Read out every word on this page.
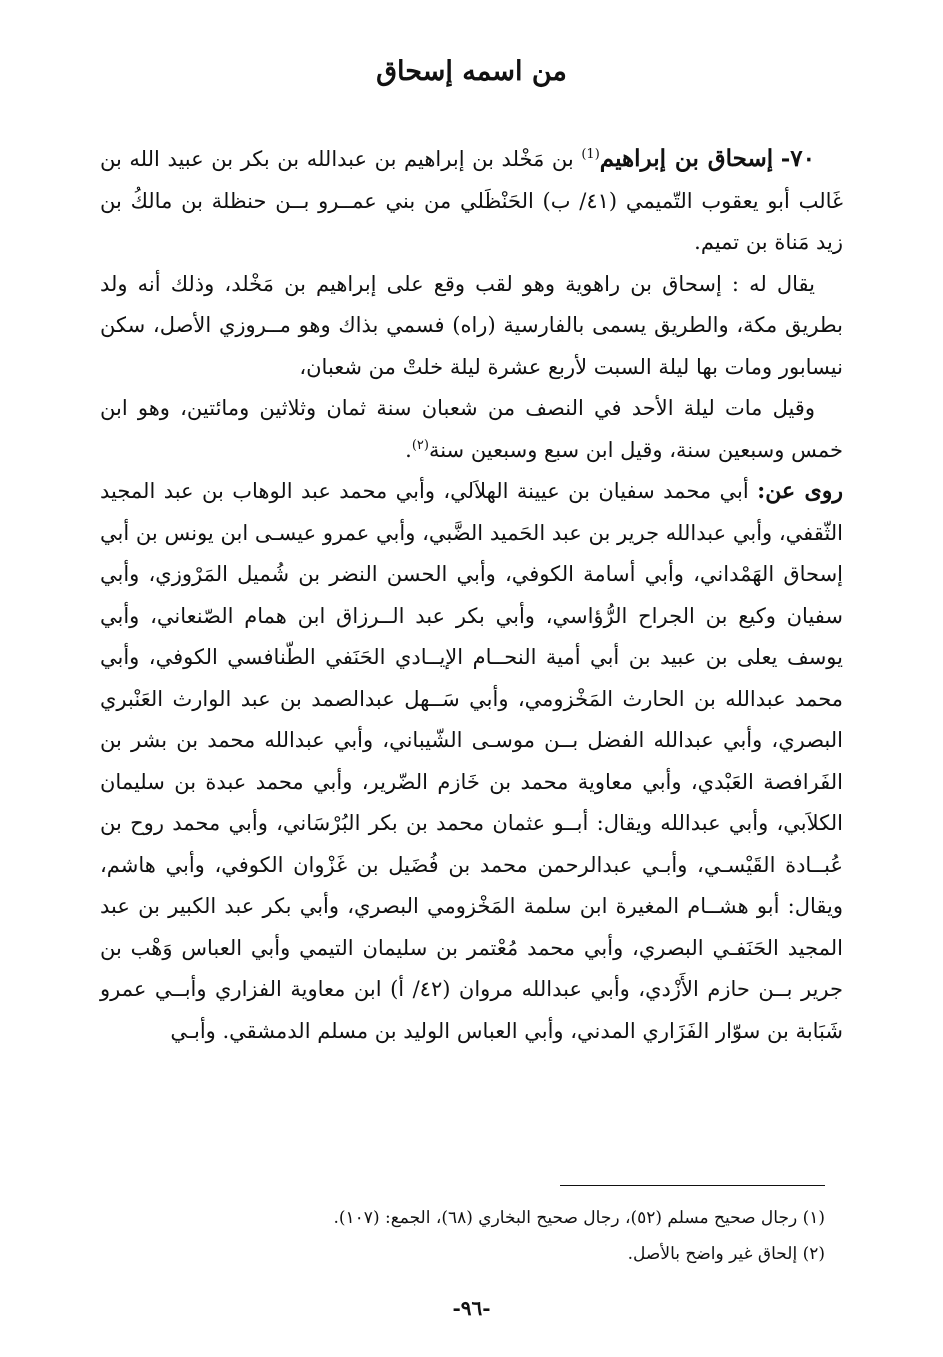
من اسمه إسحاق

٧٠- إسحاق بن إبراهيم$^{(1)}$ بن مَخْلد بن إبراهيم بن عبدالله بن بكر بن عبيد الله بن غَالب أبو يعقوب التّميمي (٤١/ ب) الحَنْظَلي من بني عمــرو بــن حنظلة بن مالكُ بن زيد مَناة بن تميم.

يقال له : إسحاق بن راهوية وهو لقب وقع على إبراهيم بن مَخْلد، وذلك أنه ولد بطريق مكة، والطريق يسمى بالفارسية (راه) فسمي بذاك وهو مــروزي الأصل، سكن نيسابور ومات بها ليلة السبت لأربع عشرة ليلة خلتْ من شعبان،

وقيل مات ليلة الأحد في النصف من شعبان سنة ثمان وثلاثين ومائتين، وهو ابن خمس وسبعين سنة، وقيل ابن سبع وسبعين سنة$^{(٢)}$.

روى عن: أبي محمد سفيان بن عيينة الهلاَلي، وأبي محمد عبد الوهاب بن عبد المجيد الثّقفي، وأبي عبدالله جرير بن عبد الحَميد الضَّبي، وأبي عمرو عيسـى ابن يونس بن أبي إسحاق الهَمْداني، وأبي أسامة الكوفي، وأبي الحسن النضر بن شُميل المَرْوزي، وأبي سفيان وكيع بن الجراح الرُّؤاسي، وأبي بكر عبد الــرزاق ابن همام الصّنعاني، وأبي يوسف يعلى بن عبيد بن أبي أمية النحــام الإيــادي الحَنَفي الطّنافسي الكوفي، وأبي محمد عبدالله بن الحارث المَخْزومي، وأبي سَــهل عبدالصمد بن عبد الوارث العَنْبري البصري، وأبي عبدالله الفضل بــن موسـى الشّيباني، وأبي عبدالله محمد بن بشر بن الفَرافصة العَبْدي، وأبي معاوية محمد بن خَازم الضّرير، وأبي محمد عبدة بن سليمان الكلاَبي، وأبي عبدالله ويقال: أبــو عثمان محمد بن بكر البُرْسَاني، وأبي محمد روح بن عُبــادة القَيْسـي، وأبـي عبدالرحمن محمد بن فُضَيل بن غَزْوان الكوفي، وأبي هاشم، ويقال: أبو هشــام المغيرة ابن سلمة المَخْزومي البصري، وأبي بكر عبد الكبير بن عبد المجيد الحَنَفـي البصري، وأبي محمد مُعْتمر بن سليمان التيمي وأبي العباس وَهْب بن جرير بــن حازم الأَزْدي، وأبي عبدالله مروان (٤٢/ أ) ابن معاوية الفزاري وأبــي عمرو شَبَابة بن سوّار الفَزَاري المدني، وأبي العباس الوليد بن مسلم الدمشقي. وأبـي

(١) رجال صحيح مسلم (٥٢)، رجال صحيح البخاري (٦٨)، الجمع: (١٠٧).

(٢) إلحاق غير واضح بالأصل.

-٩٦-
